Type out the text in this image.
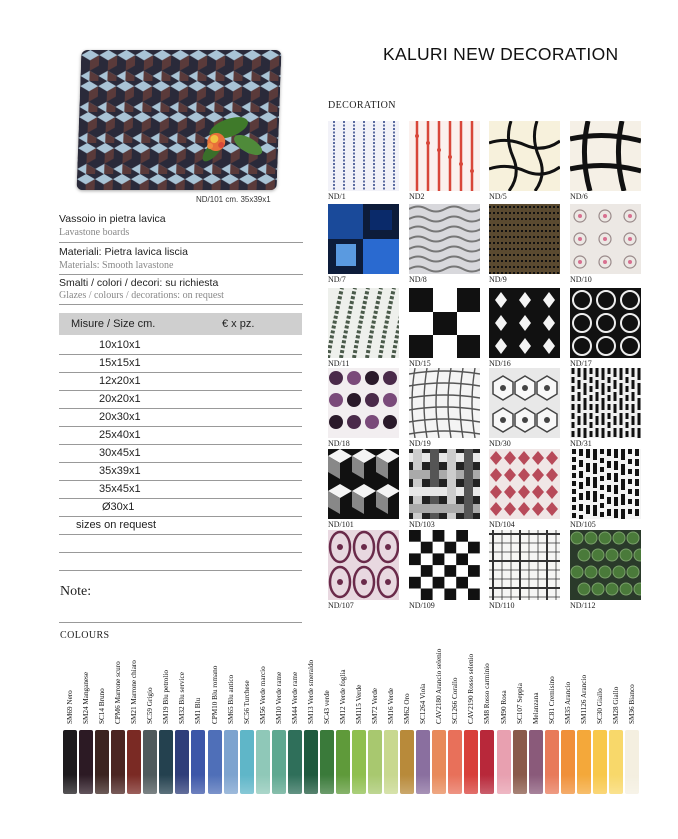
KALURI NEW DECORATION
ND/101 cm. 35x39x1
Vassoio in pietra lavica
Lavastone boards
Materiali: Pietra lavica liscia
Materials: Smooth lavastone
Smalti / colori / decori: su richiesta
Glazes / colours / decorations: on request
Misure / Size cm.	€ x pz.
10x10x1
15x15x1
12x20x1
20x20x1
20x30x1
25x40x1
30x45x1
35x39x1
35x45x1
Ø30x1
sizes on request
Note:
DECORATION
ND/1	ND2	ND/5	ND/6
ND/7	ND/8	ND/9	ND/10
ND/11	ND/15	ND/16	ND/17
ND/18	ND/19	ND/30	ND/31
ND/101	ND/103	ND/104	ND/105
ND/107	ND/109	ND/110	ND/112
COLOURS
SM69 Nero SM24 Manganese SC14 Bruno CPM6 Marrone scuro SM21 Marrone chiaro SC59 Grigio SM19 Blu petrolio SM32 Blu service SM1 Blu CPM10 Blu romano SM65 Blu antico SC56 Turchese SM56 Verde marcio SM10 Verde rame SM44 Verde rame SM13 Verde smeraldo SC43 verde SM12 Verde foglia SM115 Verde SM72 Verde SM16 Verde SM62 Oro SC1264 Viola CAV2180 Arancio selenio SC1266 Corallo CAV2190 Rosso selenio SM8 Rosso carminio SM90 Rosa SC107 Seppia Melanzana SC81 Cremisino SM35 Arancio SM1126 Arancio SC30 Giallo SM28 Giallo SM36 Bianco
